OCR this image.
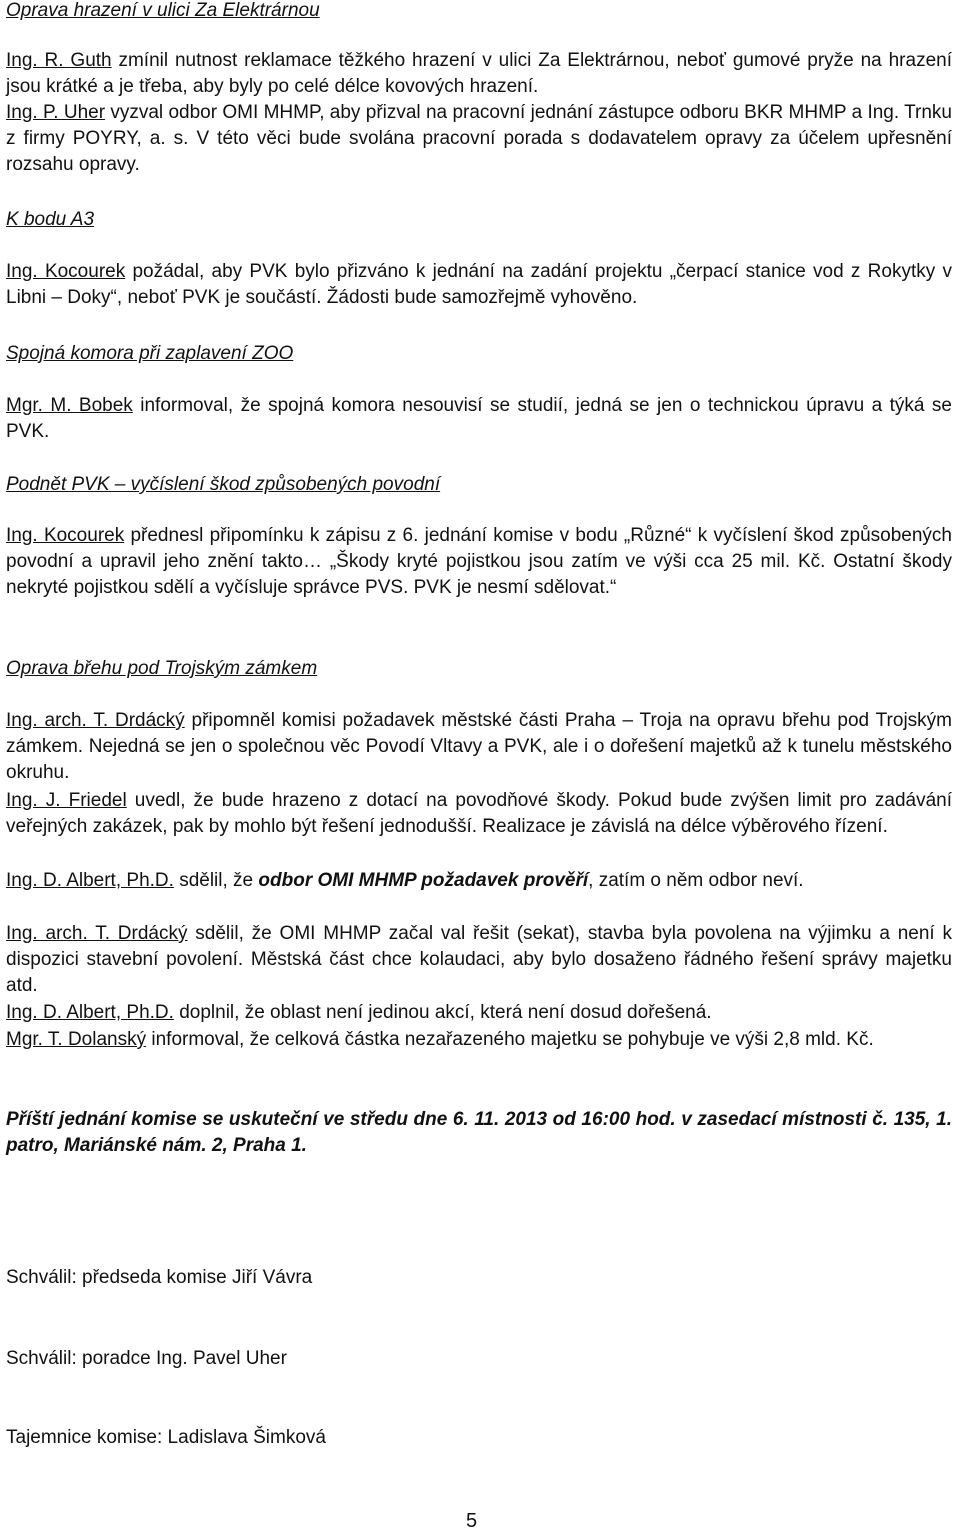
Oprava hrazení v ulici Za Elektrárnou
Ing. R. Guth zmínil nutnost reklamace těžkého hrazení v ulici Za Elektrárnou, neboť gumové pryže na hrazení jsou krátké a je třeba, aby byly po celé délce kovových hrazení.
Ing. P. Uher vyzval odbor OMI MHMP, aby přizval na pracovní jednání zástupce odboru BKR MHMP a Ing. Trnku z firmy POYRY, a. s. V této věci bude svolána pracovní porada s dodavatelem opravy za účelem upřesnění rozsahu opravy.
K bodu A3
Ing. Kocourek požádal, aby PVK bylo přizváno k jednání na zadání projektu „čerpací stanice vod z Rokytky v Libni – Doky“, neboť PVK je součástí. Žádosti bude samozřejmě vyhověno.
Spojná komora při zaplavení ZOO
Mgr. M. Bobek informoval, že spojná komora nesouvisí se studií, jedná se jen o technickou úpravu a týká se PVK.
Podnět PVK – vyčíslení škod způsobených povodní
Ing. Kocourek přednesl připomínku k zápisu z 6. jednání komise v bodu „Různé“ k vyčíslení škod způsobených povodní a upravil jeho znění takto… „Škody kryté pojistkou jsou zatím ve výši cca 25 mil. Kč. Ostatní škody nekryté pojistkou sdělí a vyčísluje správce PVS. PVK je nesmí sdělovat.“
Oprava břehu pod Trojským zámkem
Ing. arch. T. Drdácký připomněl komisi požadavek městské části Praha – Troja na opravu břehu pod Trojským zámkem. Nejedná se jen o společnou věc Povodí Vltavy a PVK, ale i o dořešení majetků až k tunelu městského okruhu.
Ing. J. Friedel uvedl, že bude hrazeno z dotací na povodňové škody. Pokud bude zvýšen limit pro zadávání veřejných zakázek, pak by mohlo být řešení jednodušší. Realizace je závislá na délce výběrového řízení.
Ing. D. Albert, Ph.D. sdělil, že odbor OMI MHMP požadavek prověří, zatím o něm odbor neví.
Ing. arch. T. Drdácký sdělil, že OMI MHMP začal val řešit (sekat), stavba byla povolena na výjimku a není k dispozici stavební povolení. Městská část chce kolaudaci, aby bylo dosaženo řádného řešení správy majetku atd.
Ing. D. Albert, Ph.D. doplnil, že oblast není jedinou akcí, která není dosud dořešená.
Mgr. T. Dolanský informoval, že celková částka nezařazeného majetku se pohybuje ve výši 2,8 mld. Kč.
Příští jednání komise se uskuteční ve středu dne 6. 11. 2013 od 16:00 hod. v zasedací místnosti č. 135, 1. patro, Mariánské nám. 2, Praha 1.
Schválil: předseda komise Jiří Vávra
Schválil: poradce Ing. Pavel Uher
Tajemnice komise: Ladislava Šimková
5
